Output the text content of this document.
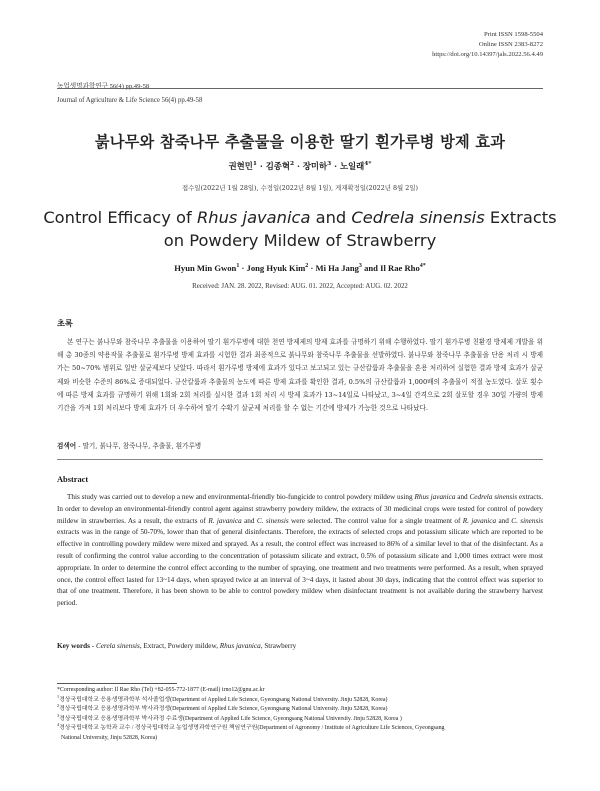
Print ISSN 1598-5504
Online ISSN 2383-8272
https://doi.org/10.14397/jals.2022.56.4.49
농업생명과학연구 56(4) pp.49-58
Journal of Agriculture & Life Science 56(4) pp.49-58
붉나무와 참죽나무 추출물을 이용한 딸기 흰가루병 방제 효과
권현민$^1$ · 김종혁$^2$ · 장미하$^3$ · 노일래$^{4*}$
접수일(2022년 1월 28일), 수정일(2022년 8월 1일), 게재확정일(2022년 8월 2일)
Control Efficacy of Rhus javanica and Cedrela sinensis Extracts on Powdery Mildew of Strawberry
Hyun Min Gwon$^1$ · Jong Hyuk Kim$^2$ · Mi Ha Jang$^3$ and Il Rae Rho$^{4*}$
Received: JAN. 28. 2022, Revised: AUG. 01. 2022, Accepted: AUG. 02. 2022
초록
본 연구는 붉나무와 참죽나무 추출물을 이용하여 딸기 흰가루병에 대한 천연 방제제의 방제 효과를 규명하기 위해 수행하였다. 딸기 흰가루병 친환경 방제제 개발을 위해 총 30종의 약용작물 추출물로 흰가루병 방제 효과를 시험한 결과 최종적으로 붉나무와 참죽나무 추출물을 선발하였다. 붉나무와 참죽나무 추출물을 단용 처리 시 방제가는 50~70% 범위로 일반 살균제보다 낮았다. 따라서 흰가루병 방제에 효과가 있다고 보고되고 있는 규산칼륨과 추출물을 혼용 처리하여 실험한 결과 방제 효과가 살균제와 비슷한 수준의 86%로 증대되었다. 규산칼륨과 추출물의 농도에 따른 방제 효과를 확인한 결과, 0.5%의 규산칼륨과 1,000배의 추출물이 적절 농도였다. 살포 횟수에 따른 방제 효과를 규명하기 위해 1회와 2회 처리를 실시한 결과 1회 처리 시 방제 효과가 13~14일로 나타났고, 3~4일 간격으로 2회 살포할 경우 30일 가량의 방제 기간을 가져 1회 처리보다 방제 효과가 더 우수하여 딸기 수확기 살균제 처리를 할 수 없는 기간에 방제가 가능한 것으로 나타났다.
검색어 - 딸기, 붉나무, 참죽나무, 추출물, 흰가루병
Abstract
This study was carried out to develop a new and environmental-friendly bio-fungicide to control powdery mildew using Rhus javanica and Cedrela sinensis extracts. In order to develop an environmental-friendly control agent against strawberry powdery mildew, the extracts of 30 medicinal crops were tested for control of powdery mildew in strawberries. As a result, the extracts of R. javanica and C. sinensis were selected. The control value for a single treatment of R. javanica and C. sinensis extracts was in the range of 50-70%, lower than that of general disinfectants. Therefore, the extracts of selected crops and potassium silicate which are reported to be effective in controlling powdery mildew were mixed and sprayed. As a result, the control effect was increased to 86% of a similar level to that of the disinfectant. As a result of confirming the control value according to the concentration of potassium silicate and extract, 0.5% of potassium silicate and 1,000 times extract were most appropriate. In order to determine the control effect according to the number of spraying, one treatment and two treatments were performed. As a result, when sprayed once, the control effect lasted for 13~14 days, when sprayed twice at an interval of 3~4 days, it lasted about 30 days, indicating that the control effect was superior to that of one treatment. Therefore, it has been shown to be able to control powdery mildew when disinfectant treatment is not available during the strawberry harvest period.
Key words - Cerela sinensis, Extract, Powdery mildew, Rhus javanica, Strawberry
*Corresponding author: Il Rae Rho (Tel) +82-055-772-1877 (E-mail) irno12@gnu.ac.kr
$^1$경상국립대학교 응용생명과학부 석사졸업생(Department of Applied Life Science, Gyeongsang National University. Jinju 52828, Korea)
$^2$경상국립대학교 응용생명과학부 박사과정생(Department of Applied Life Science, Gyeongsang National University. Jinju 52828, Korea)
$^3$경상국립대학교 응용생명과학부 박사과정 수료생(Department of Applied Life Science, Gyeongsang National University. Jinju 52828, Korea )
$^4$경상국립대학교 농학과 교수 / 경상국립대학교 농업생명과학연구원 책임연구원(Department of Agronomy / Institute of Agriculture Life Sciences, Gyeongsang
National University, Jinju 52828, Korea)
